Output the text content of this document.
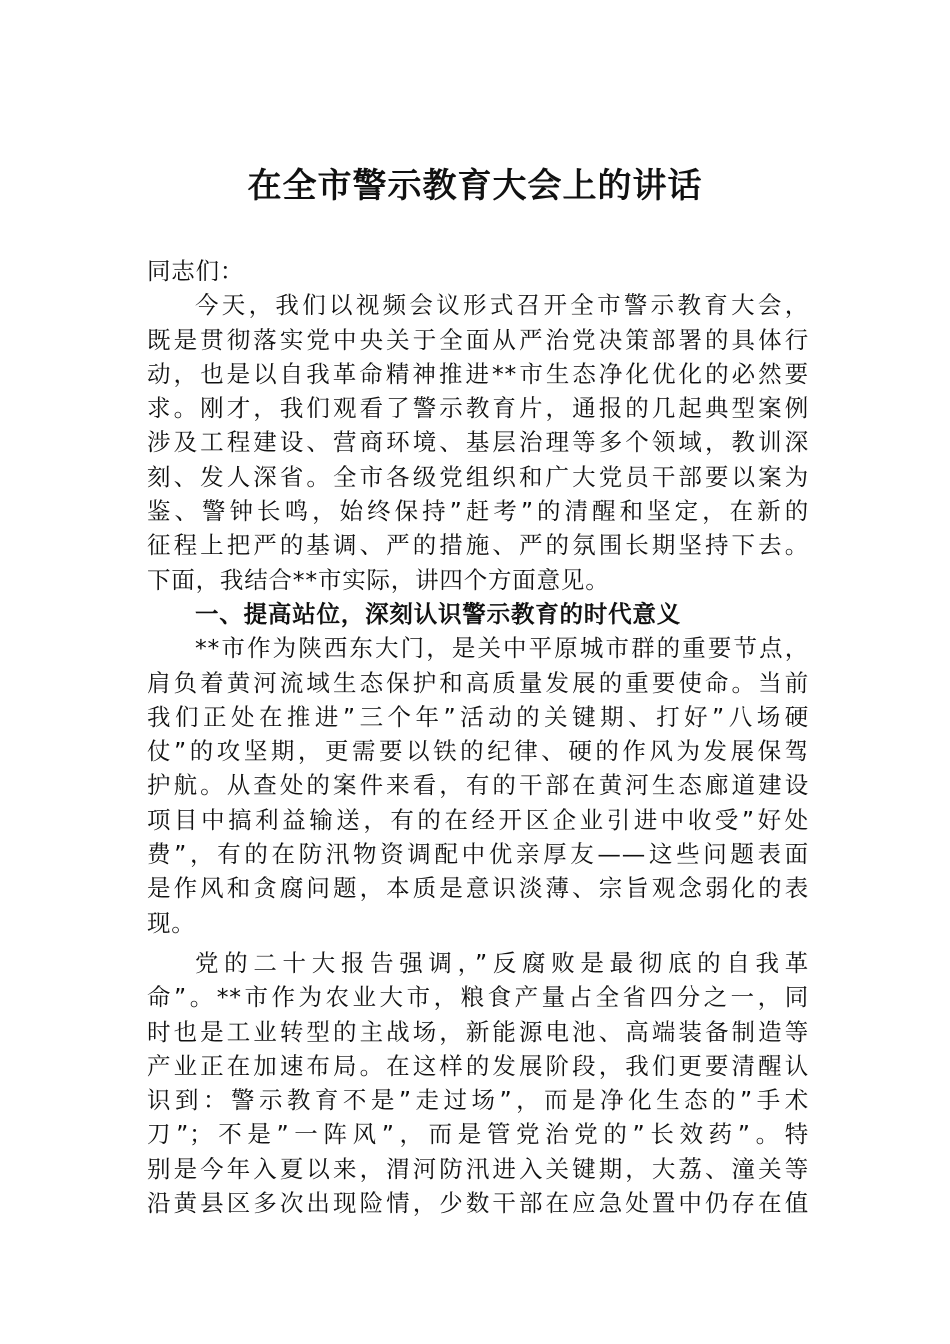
在全市警示教育大会上的讲话
同志们：
今天，我们以视频会议形式召开全市警示教育大会，
既是贯彻落实党中央关于全面从严治党决策部署的具体行
动，也是以自我革命精神推进**市生态净化优化的必然要
求。刚才，我们观看了警示教育片，通报的几起典型案例
涉及工程建设、营商环境、基层治理等多个领域，教训深
刻、发人深省。全市各级党组织和广大党员干部要以案为
鉴、警钟长鸣，始终保持”赶考”的清醒和坚定，在新的
征程上把严的基调、严的措施、严的氛围长期坚持下去。
下面，我结合**市实际，讲四个方面意见。
一、提高站位，深刻认识警示教育的时代意义
**市作为陕西东大门，是关中平原城市群的重要节点，
肩负着黄河流域生态保护和高质量发展的重要使命。当前
我们正处在推进”三个年”活动的关键期、打好”八场硬
仗”的攻坚期，更需要以铁的纪律、硬的作风为发展保驾
护航。从查处的案件来看，有的干部在黄河生态廊道建设
项目中搞利益输送，有的在经开区企业引进中收受”好处
费”，有的在防汛物资调配中优亲厚友——这些问题表面
是作风和贪腐问题，本质是意识淡薄、宗旨观念弱化的表
现。
党的二十大报告强调，”反腐败是最彻底的自我革
命”。**市作为农业大市，粮食产量占全省四分之一，同
时也是工业转型的主战场，新能源电池、高端装备制造等
产业正在加速布局。在这样的发展阶段，我们更要清醒认
识到：警示教育不是”走过场”，而是净化生态的”手术
刀”；不是”一阵风”，而是管党治党的”长效药”。特
别是今年入夏以来，渭河防汛进入关键期，大荔、潼关等
沿黄县区多次出现险情，少数干部在应急处置中仍存在值
